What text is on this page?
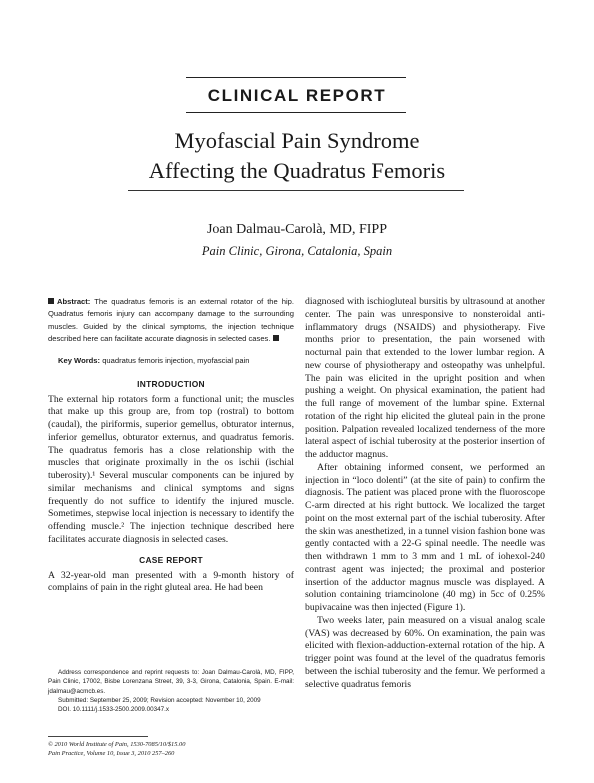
CLINICAL REPORT
Myofascial Pain Syndrome
Affecting the Quadratus Femoris
Joan Dalmau-Carolà, MD, FIPP
Pain Clinic, Girona, Catalonia, Spain

Abstract: The quadratus femoris is an external rotator of the hip. Quadratus femoris injury can accompany damage to the surrounding muscles. Guided by the clinical symptoms, the injection technique described here can facilitate accurate diagnosis in selected cases.

Key Words: quadratus femoris injection, myofascial pain

INTRODUCTION

The external hip rotators form a functional unit; the muscles that make up this group are, from top (rostral) to bottom (caudal), the piriformis, superior gemellus, obturator internus, inferior gemellus, obturator externus, and quadratus femoris. The quadratus femoris has a close relationship with the muscles that originate proximally in the os ischii (ischial tuberosity).¹ Several muscular components can be injured by similar mechanisms and clinical symptoms and signs frequently do not suffice to identify the injured muscle. Sometimes, stepwise local injection is necessary to identify the offending muscle.² The injection technique described here facilitates accurate diagnosis in selected cases.

CASE REPORT

A 32-year-old man presented with a 9-month history of complains of pain in the right gluteal area. He had been

diagnosed with ischiogluteal bursitis by ultrasound at another center. The pain was unresponsive to nonsteroidal anti-inflammatory drugs (NSAIDS) and physiotherapy. Five months prior to presentation, the pain worsened with nocturnal pain that extended to the lower lumbar region. A new course of physiotherapy and osteopathy was unhelpful. The pain was elicited in the upright position and when pushing a weight. On physical examination, the patient had the full range of movement of the lumbar spine. External rotation of the right hip elicited the gluteal pain in the prone position. Palpation revealed localized tenderness of the more lateral aspect of ischial tuberosity at the posterior insertion of the adductor magnus.

After obtaining informed consent, we performed an injection in “loco dolenti” (at the site of pain) to confirm the diagnosis. The patient was placed prone with the fluoroscope C-arm directed at his right buttock. We localized the target point on the most external part of the ischial tuberosity. After the skin was anesthetized, in a tunnel vision fashion bone was gently contacted with a 22-G spinal needle. The needle was then withdrawn 1 mm to 3 mm and 1 mL of iohexol-240 contrast agent was injected; the proximal and posterior insertion of the adductor magnus muscle was displayed. A solution containing triamcinolone (40 mg) in 5cc of 0.25% bupivacaine was then injected (Figure 1).

Two weeks later, pain measured on a visual analog scale (VAS) was decreased by 60%. On examination, the pain was elicited with flexion-adduction-external rotation of the hip. A trigger point was found at the level of the quadratus femoris between the ischial tuberosity and the femur. We performed a selective quadratus femoris

Address correspondence and reprint requests to: Joan Dalmau-Carolà, MD, FIPP, Pain Clinic, 17002, Bisbe Lorenzana Street, 39, 3-3, Girona, Catalonia, Spain. E-mail: jdalmau@acmcb.es.

Submitted: September 25, 2009; Revision accepted: November 10, 2009

DOI. 10.1111/j.1533-2500.2009.00347.x

© 2010 World Institute of Pain, 1530-7085/10/$15.00
Pain Practice, Volume 10, Issue 3, 2010 257–260
